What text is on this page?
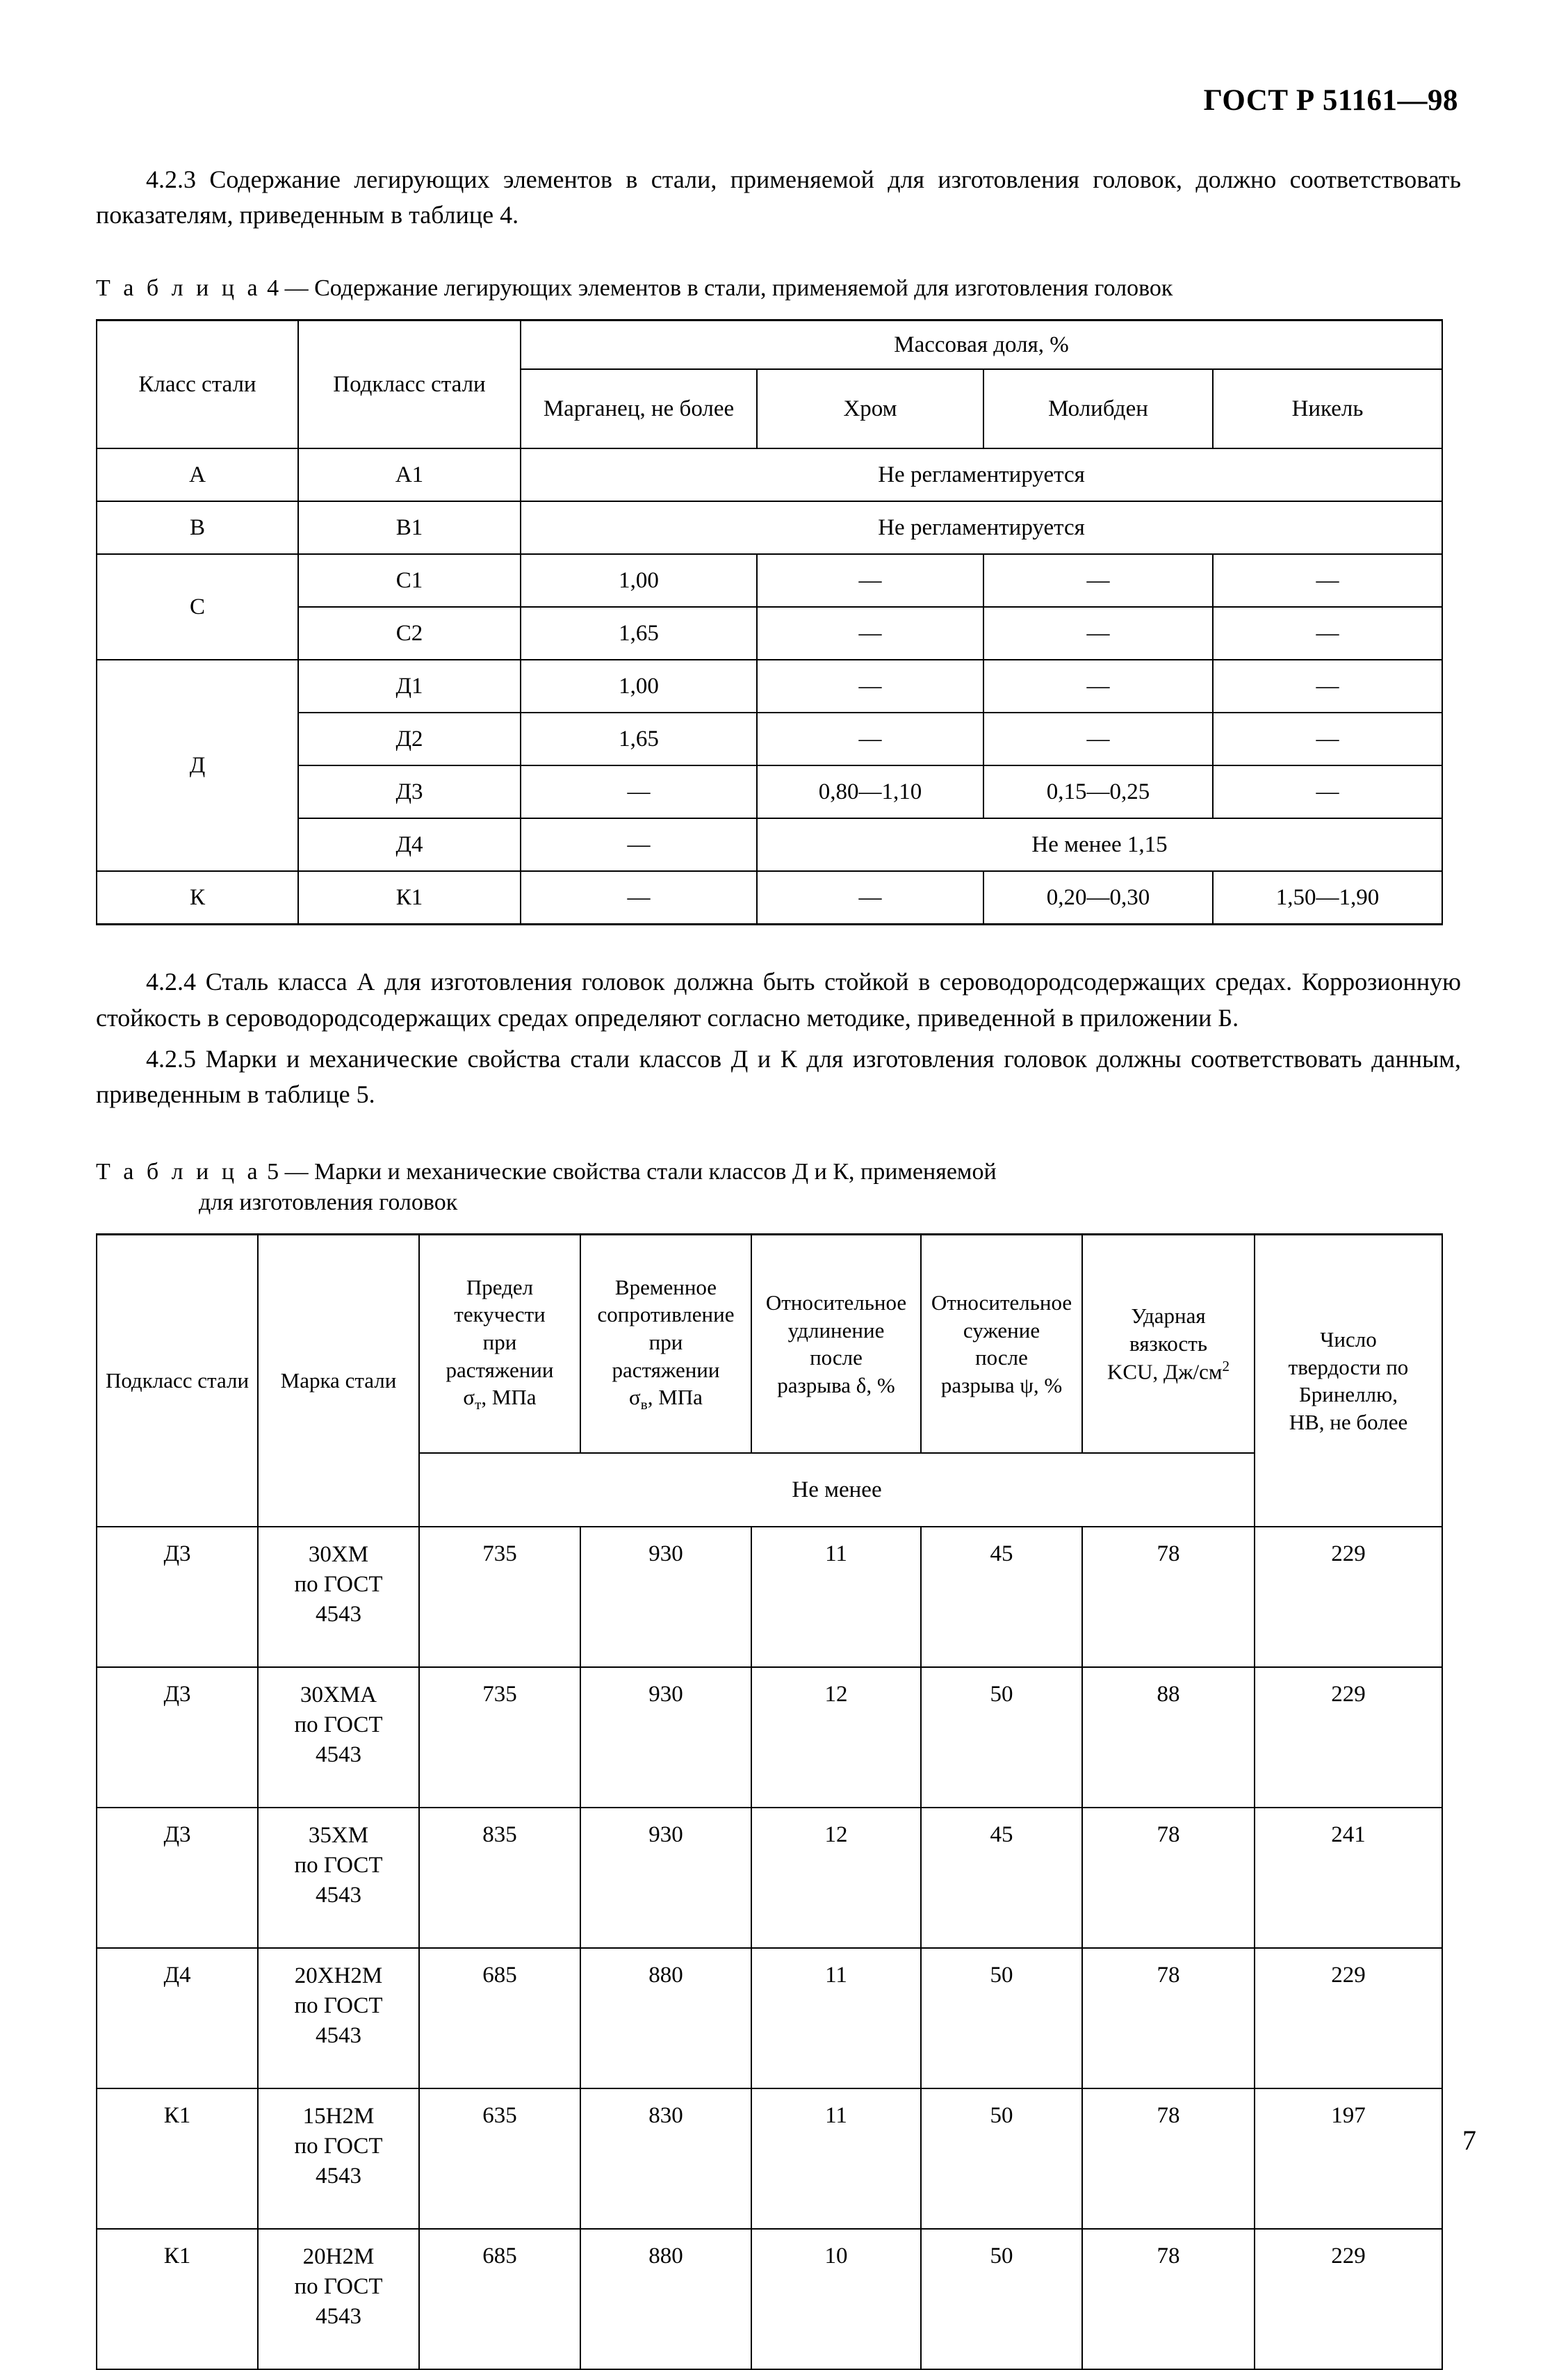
ГОСТ Р 51161—98

4.2.3 Содержание легирующих элементов в стали, применяемой для изготовления головок, должно соответствовать показателям, приведенным в таблице 4.

Т а б л и ц а 4 — Содержание легирующих элементов в стали, применяемой для изготовления головок
Класс стали	Подкласс стали	Массовая доля, %			
		Марганец, не более	Хром	Молибден	Никель
А	А1	Не регламентируется			
В	В1	Не регламентируется			
С	С1	1,00	—	—	—
	С2	1,65	—	—	—
Д	Д1	1,00	—	—	—
	Д2	1,65	—	—	—
	Д3	—	0,80—1,10	0,15—0,25	—
	Д4	—	Не менее 1,15		
К	К1	—	—	0,20—0,30	1,50—1,90

4.2.4 Сталь класса А для изготовления головок должна быть стойкой в сероводородсодержащих средах. Коррозионную стойкость в сероводородсодержащих средах определяют согласно методике, приведенной в приложении Б.

4.2.5 Марки и механические свойства стали классов Д и К для изготовления головок должны соответствовать данным, приведенным в таблице 5.

Т а б л и ц а 5 — Марки и механические свойства стали классов Д и К, применяемой
для изготовления головок
Подкласс стали	Марка стали	Предел
текучести
при
растяжении
$\sigma_т$, МПа	Временное
сопротивление
при
растяжении
$\sigma_в$, МПа	Относительное
удлинение
после
разрыва δ, %	Относительное
сужение
после
разрыва ψ, %	Ударная
вязкость
KCU, $Дж/см^2$	Число
твердости по
Бринеллю,
НВ, не более
		Не менее					
Д3	30ХМ
по ГОСТ
4543	735	930	11	45	78	229
Д3	30ХМА
по ГОСТ
4543	735	930	12	50	88	229
Д3	35ХМ
по ГОСТ
4543	835	930	12	45	78	241
Д4	20ХН2М
по ГОСТ
4543	685	880	11	50	78	229
К1	15Н2М
по ГОСТ
4543	635	830	11	50	78	197
К1	20Н2М
по ГОСТ
4543	685	880	10	50	78	229
7
